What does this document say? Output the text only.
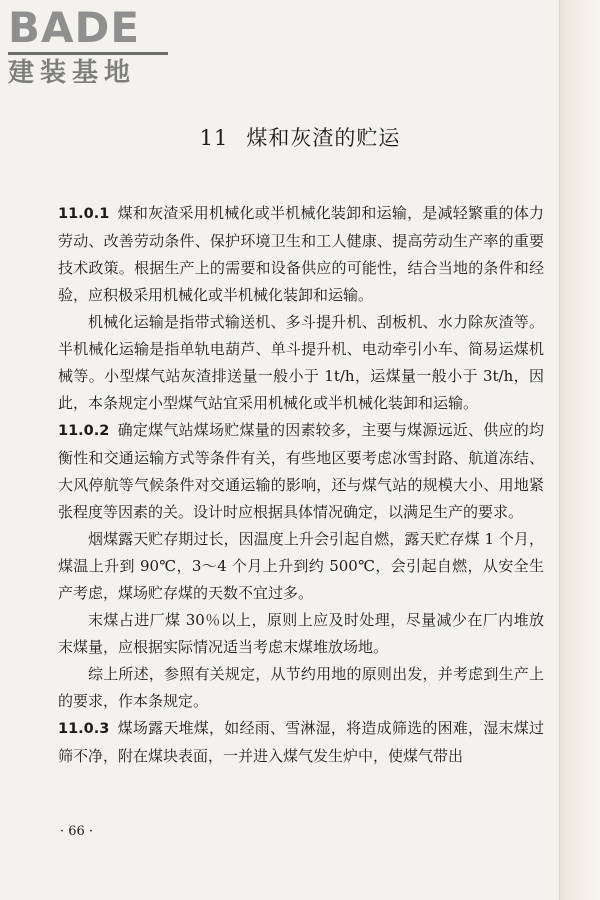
BADE
建装基地
11 煤和灰渣的贮运

11.0.1 煤和灰渣采用机械化或半机械化装卸和运输，是减轻繁重的体力劳动、改善劳动条件、保护环境卫生和工人健康、提高劳动生产率的重要技术政策。根据生产上的需要和设备供应的可能性，结合当地的条件和经验，应积极采用机械化或半机械化装卸和运输。

机械化运输是指带式输送机、多斗提升机、刮板机、水力除灰渣等。半机械化运输是指单轨电葫芦、单斗提升机、电动牵引小车、简易运煤机械等。小型煤气站灰渣排送量一般小于 1t/h，运煤量一般小于 3t/h，因此，本条规定小型煤气站宜采用机械化或半机械化装卸和运输。

11.0.2 确定煤气站煤场贮煤量的因素较多，主要与煤源远近、供应的均衡性和交通运输方式等条件有关，有些地区要考虑冰雪封路、航道冻结、大风停航等气候条件对交通运输的影响，还与煤气站的规模大小、用地紧张程度等因素的关。设计时应根据具体情况确定，以满足生产的要求。

烟煤露天贮存期过长，因温度上升会引起自燃，露天贮存煤 1 个月，煤温上升到 90℃，3～4 个月上升到约 500℃，会引起自燃，从安全生产考虑，煤场贮存煤的天数不宜过多。

末煤占进厂煤 30％以上，原则上应及时处理，尽量减少在厂内堆放末煤量，应根据实际情况适当考虑末煤堆放场地。

综上所述，参照有关规定，从节约用地的原则出发，并考虑到生产上的要求，作本条规定。

11.0.3 煤场露天堆煤，如经雨、雪淋湿，将造成筛选的困难，湿末煤过筛不净，附在煤块表面，一并进入煤气发生炉中，使煤气带出

· 66 ·
